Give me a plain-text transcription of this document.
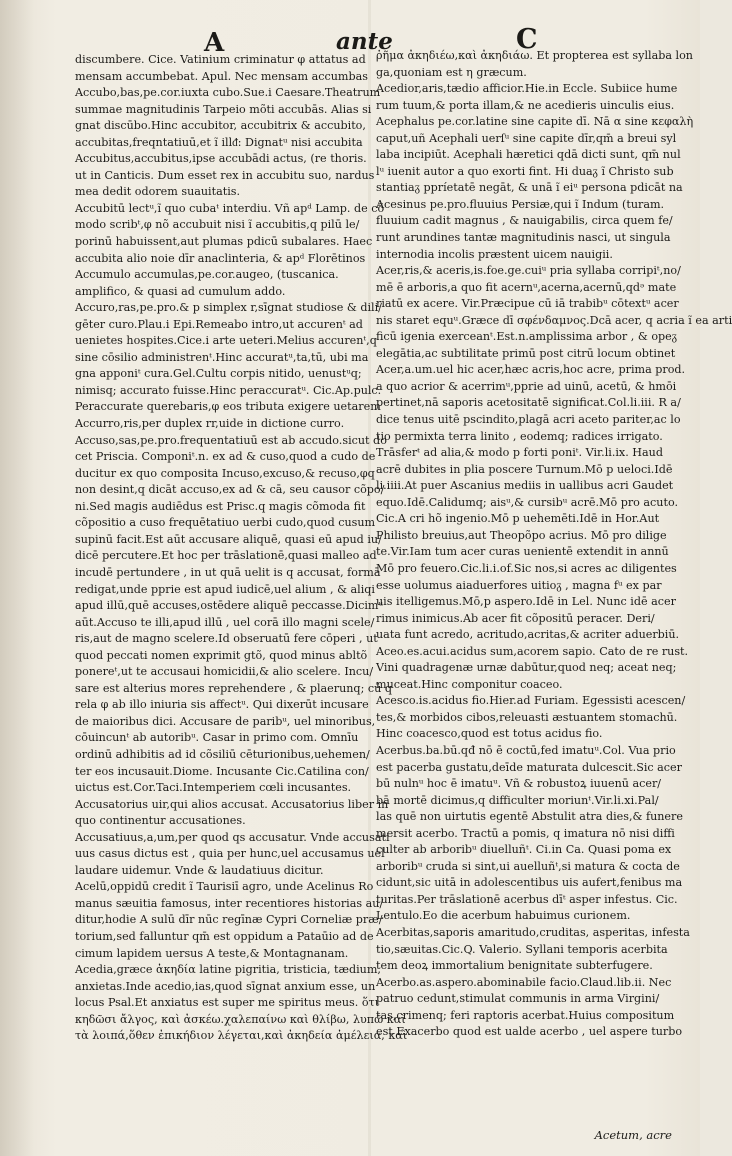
A	ante	C
discumbere. Cice. Vatinium criminatur φ attatus ad
mensam accumbebat. Apul. Nec mensam accumbas
Accubo,bas,pe.cor.iuxta cubo.Sue.i Caesare.Theatrum
summae magnitudinis Tarpeio mõti accubās. Alias si
gnat discūbo.Hinc accubitor, accubitrix & accubito,
accubitas,freqntatiuū,et ĩ illᵭ: Dignatᵘ nisi accubita
Accubitus,accubitus,ipse accubādi actus, (re thoris.
ut in Canticis. Dum esset rex in accubitu suo, nardus
mea dedit odorem suauitatis.
Accubitū lectᵘ,ĩ quo cubaᵗ interdiu. Vñ apᵈ Lamp. de cõ
modo scribᵗ,φ nõ accubuit nisi ĩ accubitis,q pilū le/
porinū habuissent,aut plumas pdicū subalares. Haec
accubita alio noie dīr anaclinteria, & apᵈ Florētinos
Accumulo accumulas,pe.cor.augeo, (tuscanica.
amplifico, & quasi ad cumulum addo.
Accuro,ras,pe.pro.& p simplex r,sīgnat studiose & dili/
gēter curo.Plau.i Epi.Remeabo intro,ut accurenᵗ ad
uenietes hospites.Cice.i arte ueteri.Melius accurenᵗ,q
sine cōsilio administrenᵗ.Hinc accuratᵘ,ta,tū, ubi ma
gna apponiᵗ cura.Gel.Cultu corpis nitido, uenustᵘq;
nimisq; accurato fuisse.Hinc peraccuratᵘ. Cic.Ap.pulc.
Peraccurate querebaris,φ eos tributa exigere uetarem
Accurro,ris,per duplex rr,uide in dictione curro.
Accuso,sas,pe.pro.frequentatiuū est ab accudo.sicut do
cet Priscia. Componiᵗ.n. ex ad & cuso,quod a cudo de
ducitur ex quo composita Incuso,excuso,& recuso,φq
non desint,q dicāt accuso,ex ad & cā, seu causor cõpo/
ni.Sed magis audiēdus est Prisc.q magis cõmoda fit
cõpositio a cuso frequētatiuo uerbi cudo,quod cusum
supinū facit.Est aūt accusare aliquē, quasi eū apud iu/
dicē percutere.Et hoc per trāslationē,quasi malleo ad
incudē pertundere , in ut quā uelit is q accusat, formā
redigat,unde pprie est apud iudicē,uel alium , & aliqi
apud illū,quē accuses,ostēdere aliquē peccasse.Dicimᵘ
aūt.Accuso te illi,apud illū , uel corā illo magni scele/
ris,aut de magno scelere.Id obseruatū fere cōperi , ut
quod peccati nomen exprimit gtõ, quod minus abltõ
ponereᵗ,ut te accusaui homicidii,& alio scelere. Incu/
sare est alterius mores reprehendere , & plaerunq; cū q
rela φ ab illo iniuria sis affectᵘ. Qui dixerūt incusare
de maioribus dici. Accusare de paribᵘ, uel minoribus,
cōuincunᵗ ab autoribᵘ. Casar in primo com. Omnīu
ordinū adhibitis ad id cõsiliū cēturionibus,uehemen/
ter eos incusauit.Diome. Incusante Cic.Catilina con/
uictus est.Cor.Taci.Intemperiem cœli incusantes.
Accusatorius uir,qui alios accusat. Accusatorius liber in
quo continentur accusationes.
Accusatiuus,a,um,per quod qs accusatur. Vnde accusati
uus casus dictus est , quia per hunc,uel accusamus uel
laudare uidemur. Vnde & laudatiuus dicitur.
Acelū,oppidū credit ĩ Taurisiī agro, unde Acelinus Ro
manus sæuitia famosus, inter recentiores historias au/
ditur,hodie A sulū dīr nūc regīnæ Cypri Corneliæ præ/
torium,sed falluntur qm̄ est oppidum a Pataūio ad de
cimum lapidem uersus A teste,& Montagnanam.
Acedia,græce ἀκηδία latine pigritia, tristicia, tædium,
anxietas.Inde acedio,ias,quod sīgnat anxium esse, un
locus Psal.Et anxiatus est super me spiritus meus. ὅτι
κηδῶσι ἄλγος, καὶ ἀσκέω.χαλεπαίνω καὶ θλίβω, λυπῶ καὶ
τὰ λοιπά,ὅθεν ἐπικήδιον λέγεται,καὶ ἀκηδεία ἀμέλεια, καὶ
ῥῆμα ἀκηδιέω,καὶ ἀκηδιάω. Et propterea est syllaba lon
ga,quoniam est η græcum.
Acedior,aris,tædio afficior.Hie.in Eccle. Subiice hume
rum tuum,& porta illam,& ne acedieris uinculis eius.
Acephalus pe.cor.latine sine capite dī. Nā α sine κεφαλὴ
caput,uñ Acephali uerſᵘ sine capite dīr,qm̄ a breui syl
laba incipiūt. Acephali hæretici qdā dicti sunt, qm̄ nul
lᵘ iuenit autor a quo exorti fint. Hi duaᵹ ĩ Christo sub
stantiaᵹ ppríetatē negāt, & unā ĩ eiᵘ persona pdicāt na
Acesinus pe.pro.fluuius Persiæ,qui ĩ Indum (turam.
fluuium cadit magnus , & nauigabilis, circa quem fe/
runt arundines tantæ magnitudinis nasci, ut singula
internodia incolis præstent uicem nauigii.
Acer,ris,& aceris,is.foe.ge.cuiᵘ pria syllaba corripiᵗ,no/
mē ē arboris,a quo fit acernᵘ,acerna,acernū,qdᵊ mate
riatū ex acere. Vir.Præcipue cū iā trabibᵘ cōtextᵘ acer
nis staret equᵘ.Græce dī σφένδαμνος.Dcā acer, q acria ĩ ea arti
ficū igenia exerceanᵗ.Est.n.amplissima arbor , & opeᵹ
elegātia,ac subtilitate primū post citrū locum obtinet
Acer,a.um.uel hic acer,hæc acris,hoc acre, prima prod.
a quo acrior & acerrimᵘ,pprie ad uinū, acetū, & hmōi
pertinet,nā saporis acetositatē significat.Col.li.iii. R a/
dice tenus uitē pscindito,plagā acri aceto pariter,ac lo
tio permixta terra linito , eodemq; radices irrigato.
Trāsferᵗ ad alia,& modo p forti poniᵗ. Vir.li.ix. Haud
acrē dubites in plia poscere Turnum.Mō p ueloci.Idē
li.iiii.At puer Ascanius mediis in uallibus acri Gaudet
equo.Idē.Calidumq; aisᵘ,& cursibᵘ acrē.Mō pro acuto.
Cic.A cri hõ ingenio.Mō p uehemēti.Idē in Hor.Aut
Philisto breuius,aut Theopõpo acrius. Mō pro dilige
te.Vir.Iam tum acer curas uenientē extendit in annū
Mō pro feuero.Cic.li.i.of.Sic nos,si acres ac diligentes
esse uolumus aiaduerfores uitioᵹ , magna fᵘ ex par
uis itelligemus.Mō,p aspero.Idē in Lel. Nunc idē acer
rimus inimicus.Ab acer fit cõpositū peracer. Deri/
uata funt acredo, acritudo,acritas,& acriter aduerbiū.
Aceo.es.acui.acidus sum,acorem sapio. Cato de re rust.
Vini quadragenæ urnæ dabūtur,quod neq; aceat neq;
muceat.Hinc componitur coaceo.
Acesco.is.acidus fio.Hier.ad Furiam. Egessisti acescen/
tes,& morbidos cibos,releuasti æstuantem stomachū.
Hinc coacesco,quod est totus acidus fio.
Acerbus.ba.bū.qđ nō ē coctū,fed imatuᵘ.Col. Vua prio
est pacerba gustatu,deīde maturata dulcescit.Sic acer
bū nulnᵘ hoc ē imatuᵘ. Vñ & robustoꝝ iuuenū acer/
bā mortē dicimus,q difficulter moriunᵗ.Vir.li.xi.Pal/
las quē non uirtutis egentē Abstulit atra dies,& funere
mersit acerbo. Tractū a pomis, q imatura nō nisi diffi
culter ab arboribᵘ diuelluñᵗ. Ci.in Ca. Quasi poma ex
arboribᵘ cruda si sint,ui auelluñᵗ,si matura & cocta de
cidunt,sic uitā in adolescentibus uis aufert,fenibus ma
turitas.Per trāslationē acerbus dīᵗ asper infestus. Cic.
Lentulo.Eo die acerbum habuimus curionem.
Acerbitas,saporis amaritudo,cruditas, asperitas, infesta
tio,sæuitas.Cic.Q. Valerio. Syllani temporis acerbita
tem deoꝝ immortalium benignitate subterfugere.
Acerbo.as.aspero.abominabile facio.Claud.lib.ii. Nec
patruo cedunt,stimulat communis in arma Virgini/
tas,crimenq; feri raptoris acerbat.Huius compositum
est Exacerbo quod est ualde acerbo , uel aspere turbo
Acetum, acre
